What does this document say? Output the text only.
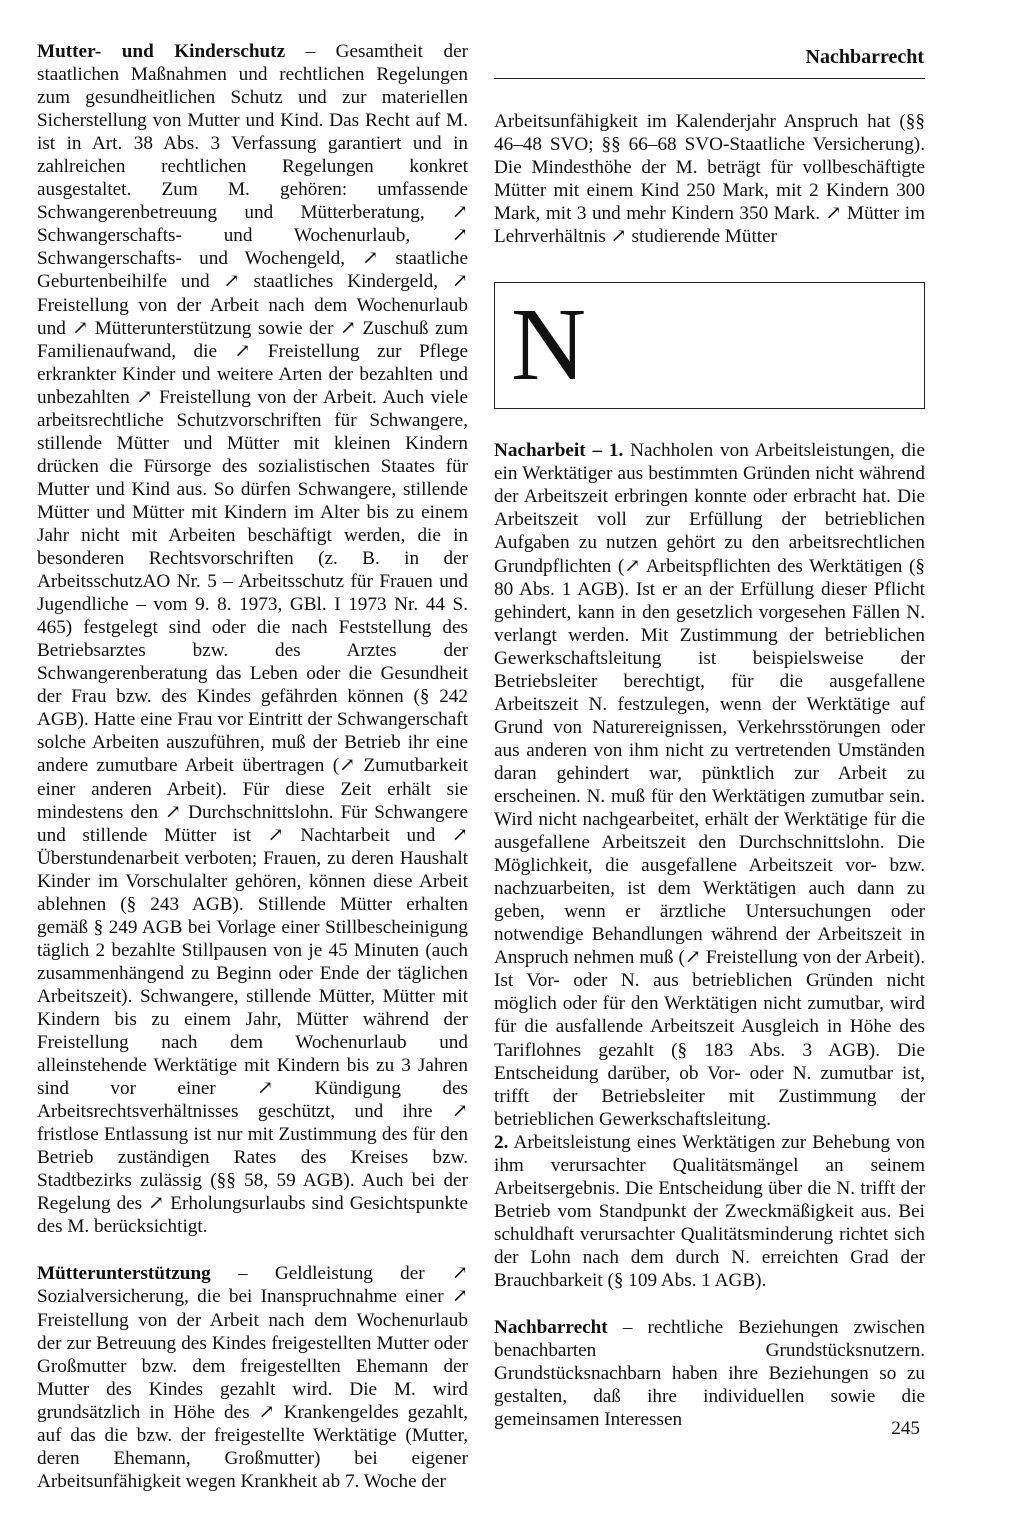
Nachbarrecht

Mutter- und Kinderschutz – Gesamtheit der staatlichen Maßnahmen und rechtlichen Regelungen zum gesundheitlichen Schutz und zur materiellen Sicherstellung von Mutter und Kind. Das Recht auf M. ist in Art. 38 Abs. 3 Verfassung garantiert und in zahlreichen rechtlichen Regelungen konkret ausgestaltet. Zum M. gehören: umfassende Schwangerenbetreuung und Mütterberatung, ↗ Schwangerschafts- und Wochenurlaub, ↗ Schwangerschafts- und Wochengeld, ↗ staatliche Geburtenbeihilfe und ↗ staatliches Kindergeld, ↗ Freistellung von der Arbeit nach dem Wochenurlaub und ↗ Mütterunterstützung sowie der ↗ Zuschuß zum Familienaufwand, die ↗ Freistellung zur Pflege erkrankter Kinder und weitere Arten der bezahlten und unbezahlten ↗ Freistellung von der Arbeit. Auch viele arbeitsrechtliche Schutzvorschriften für Schwangere, stillende Mütter und Mütter mit kleinen Kindern drücken die Fürsorge des sozialistischen Staates für Mutter und Kind aus. So dürfen Schwangere, stillende Mütter und Mütter mit Kindern im Alter bis zu einem Jahr nicht mit Arbeiten beschäftigt werden, die in besonderen Rechtsvorschriften (z. B. in der ArbeitsschutzAO Nr. 5 – Arbeitsschutz für Frauen und Jugendliche – vom 9. 8. 1973, GBl. I 1973 Nr. 44 S. 465) festgelegt sind oder die nach Feststellung des Betriebsarztes bzw. des Arztes der Schwangerenberatung das Leben oder die Gesundheit der Frau bzw. des Kindes gefährden können (§ 242 AGB). Hatte eine Frau vor Eintritt der Schwangerschaft solche Arbeiten auszuführen, muß der Betrieb ihr eine andere zumutbare Arbeit übertragen (↗ Zumutbarkeit einer anderen Arbeit). Für diese Zeit erhält sie mindestens den ↗ Durchschnittslohn. Für Schwangere und stillende Mütter ist ↗ Nachtarbeit und ↗ Überstundenarbeit verboten; Frauen, zu deren Haushalt Kinder im Vorschulalter gehören, können diese Arbeit ablehnen (§ 243 AGB). Stillende Mütter erhalten gemäß § 249 AGB bei Vorlage einer Stillbescheinigung täglich 2 bezahlte Stillpausen von je 45 Minuten (auch zusammenhängend zu Beginn oder Ende der täglichen Arbeitszeit). Schwangere, stillende Mütter, Mütter mit Kindern bis zu einem Jahr, Mütter während der Freistellung nach dem Wochenurlaub und alleinstehende Werktätige mit Kindern bis zu 3 Jahren sind vor einer ↗ Kündigung des Arbeitsrechtsverhältnisses geschützt, und ihre ↗ fristlose Entlassung ist nur mit Zustimmung des für den Betrieb zuständigen Rates des Kreises bzw. Stadtbezirks zulässig (§§ 58, 59 AGB). Auch bei der Regelung des ↗ Erholungsurlaubs sind Gesichtspunkte des M. berücksichtigt.

Mütterunterstützung – Geldleistung der ↗ Sozialversicherung, die bei Inanspruchnahme einer ↗ Freistellung von der Arbeit nach dem Wochenurlaub der zur Betreuung des Kindes freigestellten Mutter oder Großmutter bzw. dem freigestellten Ehemann der Mutter des Kindes gezahlt wird. Die M. wird grundsätzlich in Höhe des ↗ Krankengeldes gezahlt, auf das die bzw. der freigestellte Werktätige (Mutter, deren Ehemann, Großmutter) bei eigener Arbeitsunfähigkeit wegen Krankheit ab 7. Woche der

Arbeitsunfähigkeit im Kalenderjahr Anspruch hat (§§ 46–48 SVO; §§ 66–68 SVO-Staatliche Versicherung). Die Mindesthöhe der M. beträgt für vollbeschäftigte Mütter mit einem Kind 250 Mark, mit 2 Kindern 300 Mark, mit 3 und mehr Kindern 350 Mark. ↗ Mütter im Lehrverhältnis ↗ studierende Mütter

N

Nacharbeit – 1. Nachholen von Arbeitsleistungen, die ein Werktätiger aus bestimmten Gründen nicht während der Arbeitszeit erbringen konnte oder erbracht hat. Die Arbeitszeit voll zur Erfüllung der betrieblichen Aufgaben zu nutzen gehört zu den arbeitsrechtlichen Grundpflichten (↗ Arbeitspflichten des Werktätigen (§ 80 Abs. 1 AGB). Ist er an der Erfüllung dieser Pflicht gehindert, kann in den gesetzlich vorgesehen Fällen N. verlangt werden. Mit Zustimmung der betrieblichen Gewerkschaftsleitung ist beispielsweise der Betriebsleiter berechtigt, für die ausgefallene Arbeitszeit N. festzulegen, wenn der Werktätige auf Grund von Naturereignissen, Verkehrsstörungen oder aus anderen von ihm nicht zu vertretenden Umständen daran gehindert war, pünktlich zur Arbeit zu erscheinen. N. muß für den Werktätigen zumutbar sein. Wird nicht nachgearbeitet, erhält der Werktätige für die ausgefallene Arbeitszeit den Durchschnittslohn. Die Möglichkeit, die ausgefallene Arbeitszeit vor- bzw. nachzuarbeiten, ist dem Werktätigen auch dann zu geben, wenn er ärztliche Untersuchungen oder notwendige Behandlungen während der Arbeitszeit in Anspruch nehmen muß (↗ Freistellung von der Arbeit). Ist Vor- oder N. aus betrieblichen Gründen nicht möglich oder für den Werktätigen nicht zumutbar, wird für die ausfallende Arbeitszeit Ausgleich in Höhe des Tariflohnes gezahlt (§ 183 Abs. 3 AGB). Die Entscheidung darüber, ob Vor- oder N. zumutbar ist, trifft der Betriebsleiter mit Zustimmung der betrieblichen Gewerkschaftsleitung.

2. Arbeitsleistung eines Werktätigen zur Behebung von ihm verursachter Qualitätsmängel an seinem Arbeitsergebnis. Die Entscheidung über die N. trifft der Betrieb vom Standpunkt der Zweckmäßigkeit aus. Bei schuldhaft verursachter Qualitätsminderung richtet sich der Lohn nach dem durch N. erreichten Grad der Brauchbarkeit (§ 109 Abs. 1 AGB).

Nachbarrecht – rechtliche Beziehungen zwischen benachbarten Grundstücksnutzern. Grundstücksnachbarn haben ihre Beziehungen so zu gestalten, daß ihre individuellen sowie die gemeinsamen Interessen	245
